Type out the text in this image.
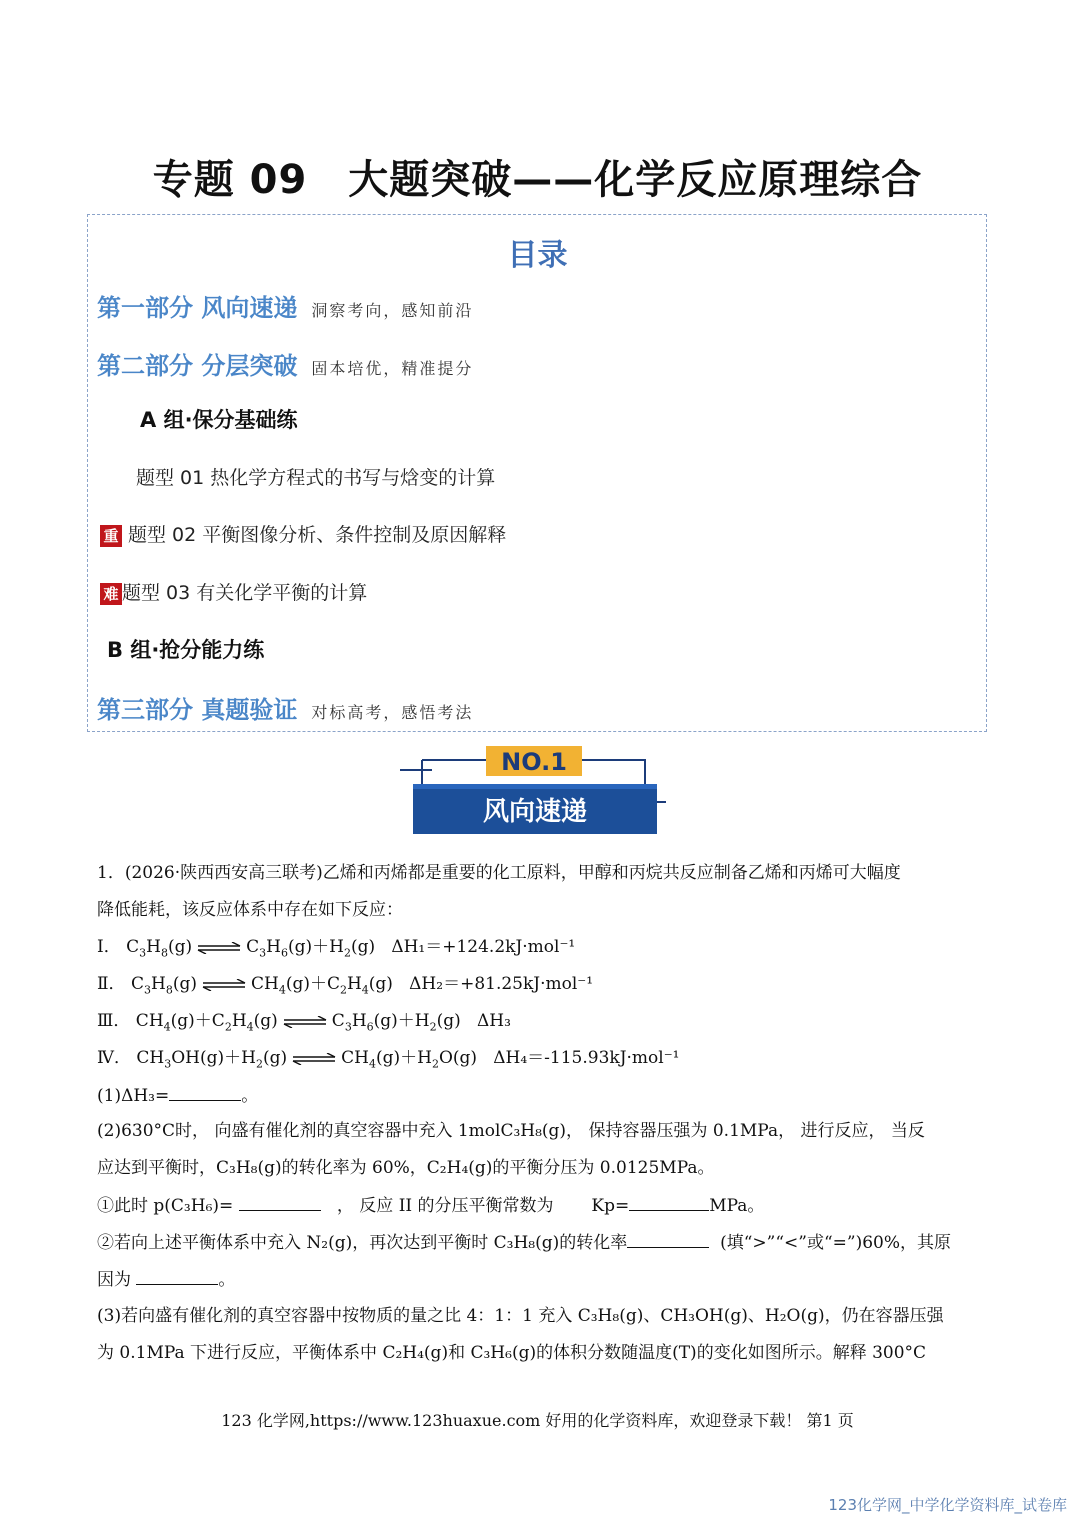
专题 09　大题突破——化学反应原理综合
目录
第一部分 风向速递 洞察考向，感知前沿
第二部分 分层突破 固本培优，精准提分
A 组·保分基础练
题型 01 热化学方程式的书写与焓变的计算
重 题型 02 平衡图像分析、条件控制及原因解释
难 题型 03 有关化学平衡的计算
B 组·抢分能力练
第三部分 真题验证 对标高考，感悟考法
NO.1
风向速递
1．(2026·陕西西安高三联考)乙烯和丙烯都是重要的化工原料，甲醇和丙烷共反应制备乙烯和丙烯可大幅度
降低能耗，该反应体系中存在如下反应：
Ⅰ． $C_3H_8(g)$ ⇌ $C_3H_6(g)+H_2(g)$   ΔH₁＝+124.2kJ·mol⁻¹
Ⅱ． $C_3H_8(g)$ ⇌ $CH_4(g)+C_2H_4(g)$   ΔH₂＝+81.25kJ·mol⁻¹
Ⅲ． $CH_4(g)+C_2H_4(g)$ ⇌ $C_3H_6(g)+H_2(g)$   ΔH₃
Ⅳ． $CH_3OH(g)+H_2(g)$ ⇌ $CH_4(g)+H_2O(g)$   ΔH₄＝-115.93kJ·mol⁻¹
(1)ΔH₃=	。
(2)630°C时， 向盛有催化剂的真空容器中充入 1molC₃H₈(g)， 保持容器压强为 0.1MPa， 进行反应， 当反
应达到平衡时，C₃H₈(g)的转化率为 60%，C₂H₄(g)的平衡分压为 0.0125MPa。
①此时 p(C₃H₆)=	， 反应 II 的分压平衡常数为 Kp=	MPa。
②若向上述平衡体系中充入 N₂(g)，再次达到平衡时 C₃H₈(g)的转化率	(填“>”“<”或“=”)60%，其原
因为	。
(3)若向盛有催化剂的真空容器中按物质的量之比 4：1：1 充入 C₃H₈(g)、CH₃OH(g)、H₂O(g)，仍在容器压强
为 0.1MPa 下进行反应，平衡体系中 C₂H₄(g)和 C₃H₆(g)的体积分数随温度(T)的变化如图所示。解释 300°C
123 化学网,https://www.123huaxue.com 好用的化学资料库，欢迎登录下载！ 第1 页
123化学网_中学化学资料库_试卷库
